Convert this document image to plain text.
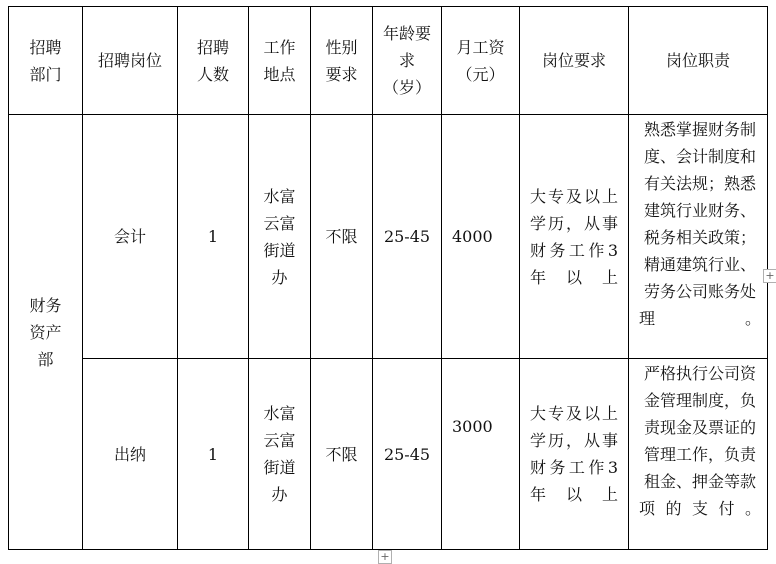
招聘部门	招聘岗位	招聘人数	工作地点	性别要求	年龄要求（岁）	月工资（元）	岗位要求	岗位职责

财务资产部	会计	1	水富云富街道办	不限	25-45	4000	大专及以上学历，从事财务工作3年以上	熟悉掌握财务制度、会计制度和有关法规；熟悉建筑行业财务、税务相关政策；精通建筑行业、劳务公司账务处理。
	出纳	1	水富云富街道办	不限	25-45	3000	大专及以上学历，从事财务工作3年以上	严格执行公司资金管理制度，负责现金及票证的管理工作，负责租金、押金等款项的支付。
+
+
